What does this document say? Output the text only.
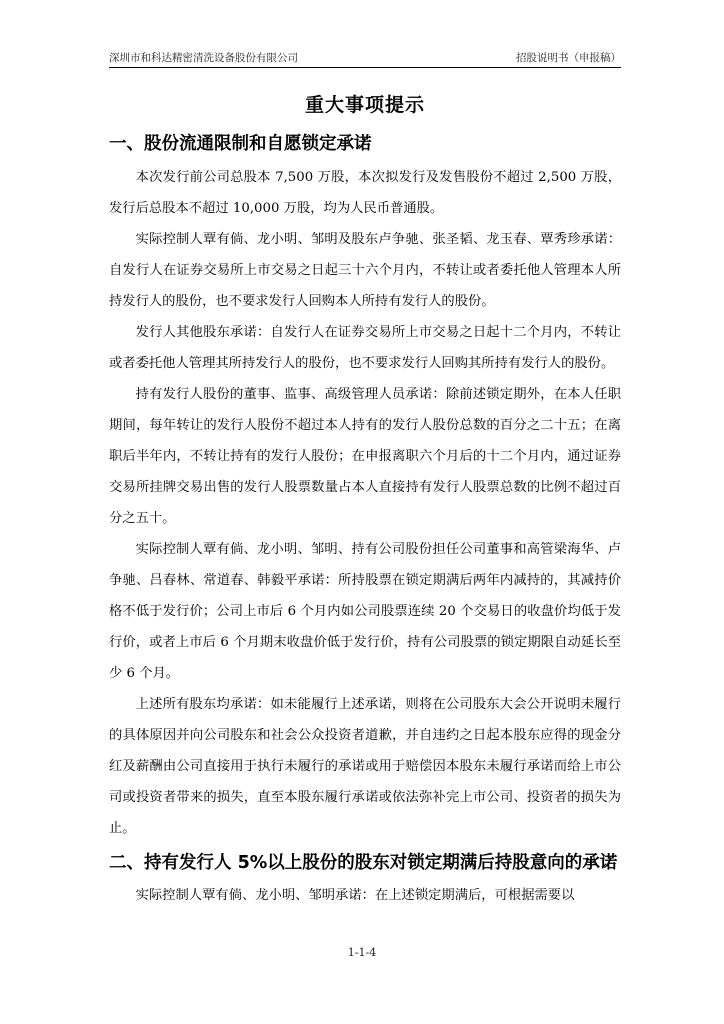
深圳市和科达精密清洗设备股份有限公司	招股说明书（申报稿）
重大事项提示
一、股份流通限制和自愿锁定承诺

本次发行前公司总股本 7,500 万股，本次拟发行及发售股份不超过 2,500 万股，发行后总股本不超过 10,000 万股，均为人民币普通股。

实际控制人覃有倘、龙小明、邹明及股东卢争驰、张圣韬、龙玉春、覃秀珍承诺：自发行人在证券交易所上市交易之日起三十六个月内，不转让或者委托他人管理本人所持发行人的股份，也不要求发行人回购本人所持有发行人的股份。

发行人其他股东承诺：自发行人在证券交易所上市交易之日起十二个月内，不转让或者委托他人管理其所持发行人的股份，也不要求发行人回购其所持有发行人的股份。

持有发行人股份的董事、监事、高级管理人员承诺：除前述锁定期外，在本人任职期间，每年转让的发行人股份不超过本人持有的发行人股份总数的百分之二十五；在离职后半年内，不转让持有的发行人股份；在申报离职六个月后的十二个月内，通过证券交易所挂牌交易出售的发行人股票数量占本人直接持有发行人股票总数的比例不超过百分之五十。

实际控制人覃有倘、龙小明、邹明、持有公司股份担任公司董事和高管梁海华、卢争驰、吕春林、常道春、韩毅平承诺：所持股票在锁定期满后两年内减持的，其减持价格不低于发行价；公司上市后 6 个月内如公司股票连续 20 个交易日的收盘价均低于发行价，或者上市后 6 个月期末收盘价低于发行价，持有公司股票的锁定期限自动延长至少 6 个月。

上述所有股东均承诺：如未能履行上述承诺，则将在公司股东大会公开说明未履行的具体原因并向公司股东和社会公众投资者道歉，并自违约之日起本股东应得的现金分红及薪酬由公司直接用于执行未履行的承诺或用于赔偿因本股东未履行承诺而给上市公司或投资者带来的损失，直至本股东履行承诺或依法弥补完上市公司、投资者的损失为止。

二、持有发行人 5%以上股份的股东对锁定期满后持股意向的承诺

实际控制人覃有倘、龙小明、邹明承诺：在上述锁定期满后，可根据需要以

1-1-4
